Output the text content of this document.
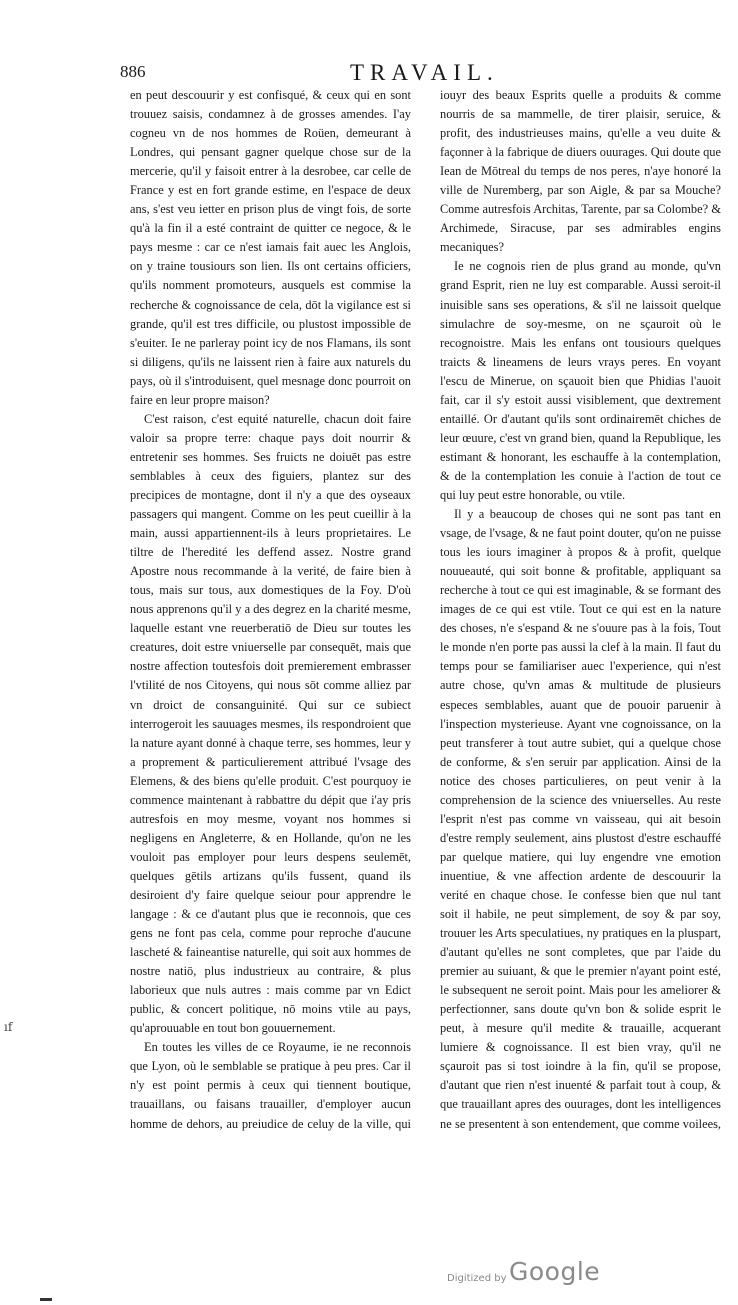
886	TRAVAIL.

en peut descouurir y est confisqué, & ceux qui en sont trouuez saisis, condamnez à de grosses amendes. I'ay cogneu vn de nos hommes de Roüen, demeurant à Londres, qui pensant gagner quelque chose sur de la mercerie, qu'il y faisoit entrer à la desrobee, car celle de France y est en fort grande estime, en l'espace de deux ans, s'est veu ietter en prison plus de vingt fois, de sorte qu'à la fin il a esté contraint de quitter ce negoce, & le pays mesme : car ce n'est iamais fait auec les Anglois, on y traine tousiours son lien. Ils ont certains officiers, qu'ils nomment promoteurs, ausquels est commise la recherche & cognoissance de cela, dōt la vigilance est si grande, qu'il est tres difficile, ou plustost impossible de s'euiter. Ie ne parleray point icy de nos Flamans, ils sont si diligens, qu'ils ne laissent rien à faire aux naturels du pays, où il s'introduisent, quel mesnage donc pourroit on faire en leur propre maison?

C'est raison, c'est equité naturelle, chacun doit faire valoir sa propre terre: chaque pays doit nourrir & entretenir ses hommes. Ses fruicts ne doiuēt pas estre semblables à ceux des figuiers, plantez sur des precipices de montagne, dont il n'y a que des oyseaux passagers qui mangent. Comme on les peut cueillir à la main, aussi appartiennent-ils à leurs proprietaires. Le tiltre de l'heredité les deffend assez. Nostre grand Apostre nous recommande à la verité, de faire bien à tous, mais sur tous, aux domestiques de la Foy. D'où nous apprenons qu'il y a des degrez en la charité mesme, laquelle estant vne reuerberatiō de Dieu sur toutes les creatures, doit estre vniuerselle par consequēt, mais que nostre affection toutesfois doit premierement embrasser l'vtilité de nos Citoyens, qui nous sōt comme alliez par vn droict de consanguinité. Qui sur ce subiect interrogeroit les sauuages mesmes, ils respondroient que la nature ayant donné à chaque terre, ses hommes, leur y a proprement & particulierement attribué l'vsage des Elemens, & des biens qu'elle produit. C'est pourquoy ie commence maintenant à rabbattre du dépit que i'ay pris autresfois en moy mesme, voyant nos hommes si negligens en Angleterre, & en Hollande, qu'on ne les vouloit pas employer pour leurs despens seulemēt, quelques gētils artizans qu'ils fussent, quand ils desiroient d'y faire quelque seiour pour apprendre le langage : & ce d'autant plus que ie reconnois, que ces gens ne font pas cela, comme pour reproche d'aucune lascheté & faineantise naturelle, qui soit aux hommes de nostre natiō, plus industrieux au contraire, & plus laborieux que nuls autres : mais comme par vn Edict public, & concert politique, nō moins vtile au pays, qu'aprouuable en tout bon gouuernement.

En toutes les villes de ce Royaume, ie ne reconnois que Lyon, où le semblable se pratique à peu pres. Car il n'y est point permis à ceux qui tiennent boutique, trauaillans, ou faisans trauailler, d'employer aucun homme de dehors, au preiudice de celuy de la ville, qui

iouyr des beaux Esprits quelle a produits & comme nourris de sa mammelle, de tirer plaisir, seruice, & profit, des industrieuses mains, qu'elle a veu duite & façonner à la fabrique de diuers ouurages. Qui doute que Iean de Mōtreal du temps de nos peres, n'aye honoré la ville de Nuremberg, par son Aigle, & par sa Mouche? Comme autresfois Architas, Tarente, par sa Colombe? & Archimede, Siracuse, par ses admirables engins mecaniques?

Ie ne cognois rien de plus grand au monde, qu'vn grand Esprit, rien ne luy est comparable. Aussi seroit-il inuisible sans ses operations, & s'il ne laissoit quelque simulachre de soy-mesme, on ne sçauroit où le recognoistre. Mais les enfans ont tousiours quelques traicts & lineamens de leurs vrays peres. En voyant l'escu de Minerue, on sçauoit bien que Phidias l'auoit fait, car il s'y estoit aussi visiblement, que dextrement entaillé. Or d'autant qu'ils sont ordinairemēt chiches de leur œuure, c'est vn grand bien, quand la Republique, les estimant & honorant, les eschauffe à la contemplation, & de la contemplation les conuie à l'action de tout ce qui luy peut estre honorable, ou vtile.

Il y a beaucoup de choses qui ne sont pas tant en vsage, de l'vsage, & ne faut point douter, qu'on ne puisse tous les iours imaginer à propos & à profit, quelque nouueauté, qui soit bonne & profitable, appliquant sa recherche à tout ce qui est imaginable, & se formant des images de ce qui est vtile. Tout ce qui est en la nature des choses, n'e s'espand & ne s'ouure pas à la fois, Tout le monde n'en porte pas aussi la clef à la main. Il faut du temps pour se familiariser auec l'experience, qui n'est autre chose, qu'vn amas & multitude de plusieurs especes semblables, auant que de pouoir paruenir à l'inspection mysterieuse. Ayant vne cognoissance, on la peut transferer à tout autre subiet, qui a quelque chose de conforme, & s'en seruir par application. Ainsi de la notice des choses particulieres, on peut venir à la comprehension de la science des vniuerselles. Au reste l'esprit n'est pas comme vn vaisseau, qui ait besoin d'estre remply seulement, ains plustost d'estre eschauffé par quelque matiere, qui luy engendre vne emotion inuentiue, & vne affection ardente de descouurir la verité en chaque chose. Ie confesse bien que nul tant soit il habile, ne peut simplement, de soy & par soy, trouuer les Arts speculatiues, ny pratiques en la pluspart, d'autant qu'elles ne sont completes, que par l'aide du premier au suiuant, & que le premier n'ayant point esté, le subsequent ne seroit point. Mais pour les ameliorer & perfectionner, sans doute qu'vn bon & solide esprit le peut, à mesure qu'il medite & trauaille, acquerant lumiere & cognoissance. Il est bien vray, qu'il ne sçauroit pas si tost ioindre à la fin, qu'il se propose, d'autant que rien n'est inuenté & parfait tout à coup, & que trauaillant apres des ouurages, dont les intelligences ne se presentent à son entendement, que comme voilees,

ıf
Digitized by Google
